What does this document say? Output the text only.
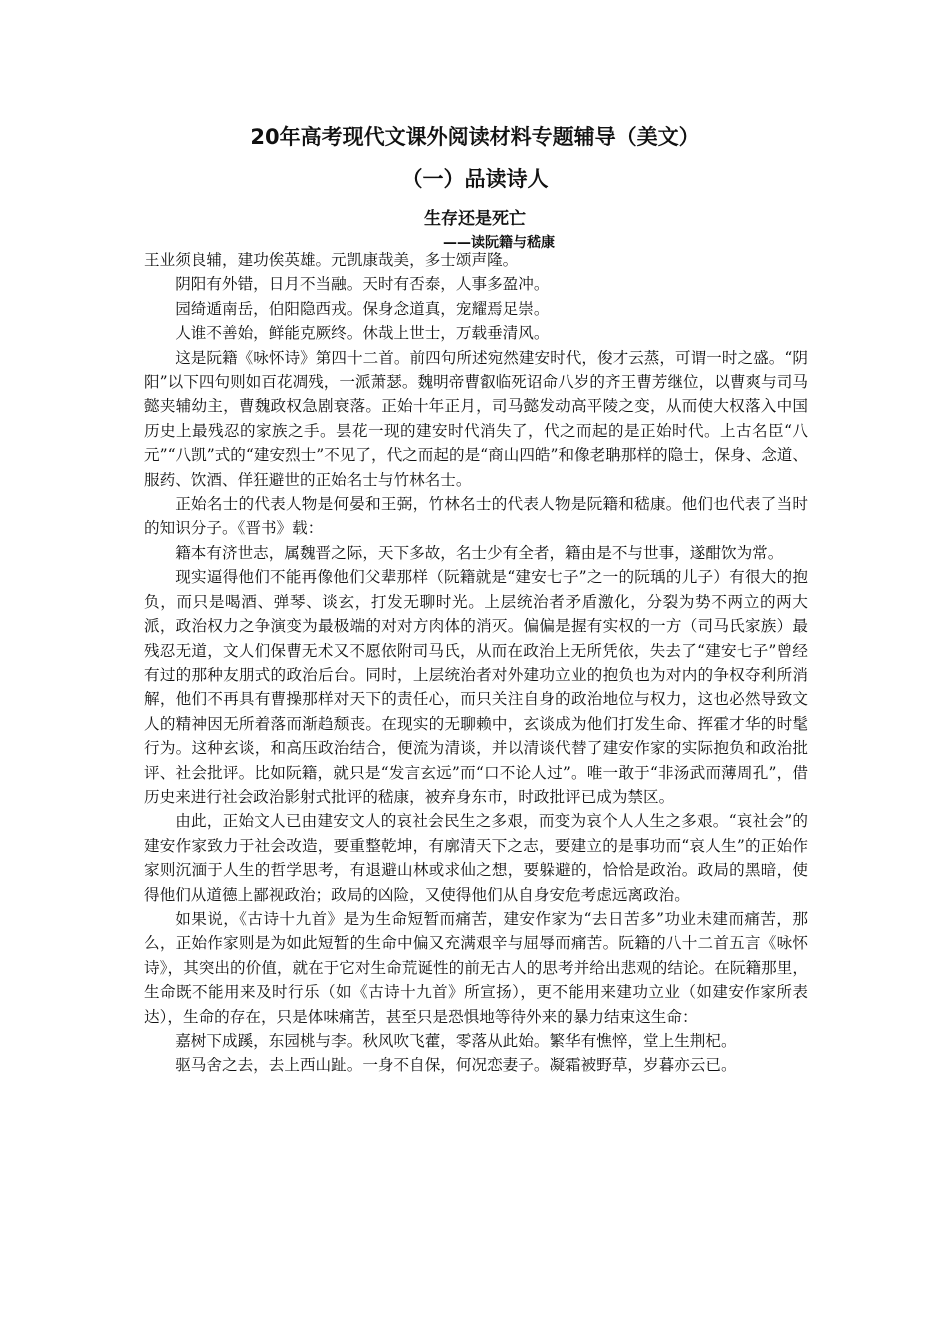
20年高考现代文课外阅读材料专题辅导（美文）
（一）品读诗人
生存还是死亡
——读阮籍与嵇康

王业须良辅，建功俟英雄。元凯康哉美，多士颂声隆。

阴阳有外错，日月不当融。天时有否泰，人事多盈冲。

园绮遁南岳，伯阳隐西戎。保身念道真，宠耀焉足崇。

人谁不善始，鲜能克厥终。休哉上世士，万载垂清风。

这是阮籍《咏怀诗》第四十二首。前四句所述宛然建安时代，俊才云蒸，可谓一时之盛。“阴阳”以下四句则如百花凋残，一派萧瑟。魏明帝曹叡临死诏命八岁的齐王曹芳继位，以曹爽与司马懿夹辅幼主，曹魏政权急剧衰落。正始十年正月，司马懿发动高平陵之变，从而使大权落入中国历史上最残忍的家族之手。昙花一现的建安时代消失了，代之而起的是正始时代。上古名臣“八元”“八凯”式的“建安烈士”不见了，代之而起的是“商山四皓”和像老聃那样的隐士，保身、念道、服药、饮酒、佯狂避世的正始名士与竹林名士。

正始名士的代表人物是何晏和王弼，竹林名士的代表人物是阮籍和嵇康。他们也代表了当时的知识分子。《晋书》载：

籍本有济世志，属魏晋之际，天下多故，名士少有全者，籍由是不与世事，遂酣饮为常。

现实逼得他们不能再像他们父辈那样（阮籍就是“建安七子”之一的阮瑀的儿子）有很大的抱负，而只是喝酒、弹琴、谈玄，打发无聊时光。上层统治者矛盾激化，分裂为势不两立的两大派，政治权力之争演变为最极端的对对方肉体的消灭。偏偏是握有实权的一方（司马氏家族）最残忍无道，文人们保曹无术又不愿依附司马氏，从而在政治上无所凭依，失去了“建安七子”曾经有过的那种友朋式的政治后台。同时，上层统治者对外建功立业的抱负也为对内的争权夺利所消解，他们不再具有曹操那样对天下的责任心，而只关注自身的政治地位与权力，这也必然导致文人的精神因无所着落而渐趋颓丧。在现实的无聊赖中，玄谈成为他们打发生命、挥霍才华的时髦行为。这种玄谈，和高压政治结合，便流为清谈，并以清谈代替了建安作家的实际抱负和政治批评、社会批评。比如阮籍，就只是“发言玄远”而“口不论人过”。唯一敢于“非汤武而薄周孔”，借历史来进行社会政治影射式批评的嵇康，被弃身东市，时政批评已成为禁区。

由此，正始文人已由建安文人的哀社会民生之多艰，而变为哀个人人生之多艰。“哀社会”的建安作家致力于社会改造，要重整乾坤，有廓清天下之志，要建立的是事功而“哀人生”的正始作家则沉湎于人生的哲学思考，有退避山林或求仙之想，要躲避的，恰恰是政治。政局的黑暗，使得他们从道德上鄙视政治；政局的凶险，又使得他们从自身安危考虑远离政治。

如果说，《古诗十九首》是为生命短暂而痛苦，建安作家为“去日苦多”功业未建而痛苦，那么，正始作家则是为如此短暂的生命中偏又充满艰辛与屈辱而痛苦。阮籍的八十二首五言《咏怀诗》，其突出的价值，就在于它对生命荒诞性的前无古人的思考并给出悲观的结论。在阮籍那里，生命既不能用来及时行乐（如《古诗十九首》所宣扬），更不能用来建功立业（如建安作家所表达），生命的存在，只是体味痛苦，甚至只是恐惧地等待外来的暴力结束这生命：

嘉树下成蹊，东园桃与李。秋风吹飞藿，零落从此始。繁华有憔悴，堂上生荆杞。

驱马舍之去，去上西山趾。一身不自保，何况恋妻子。凝霜被野草，岁暮亦云已。
